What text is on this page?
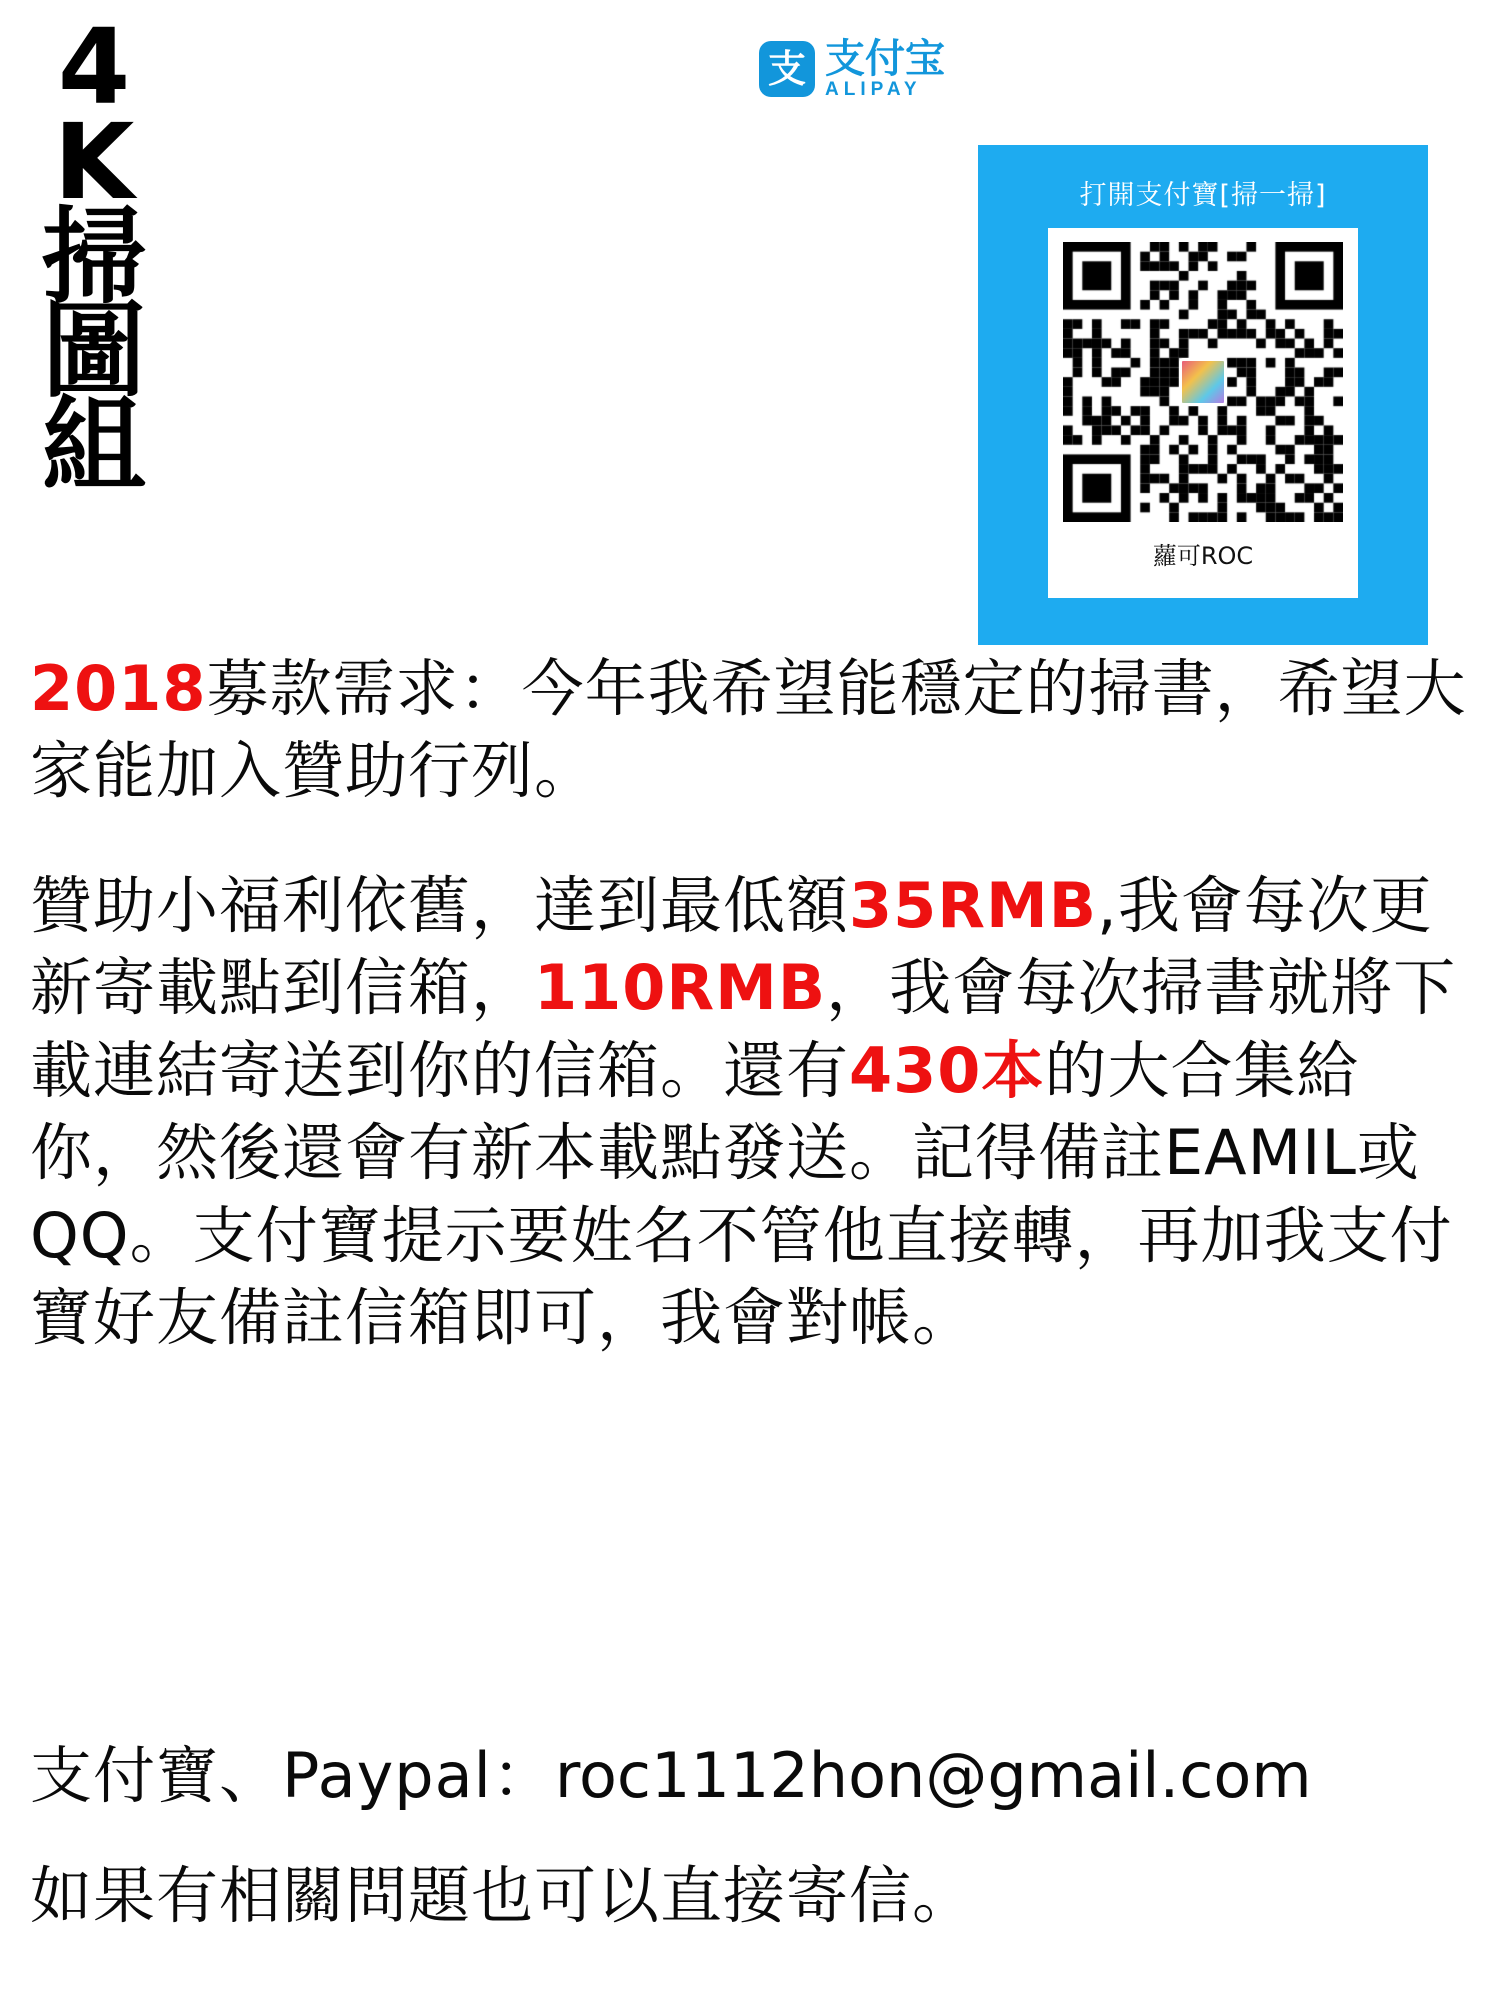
4
K
掃
圖
組
支 支付宝
ALIPAY
打開支付寶[掃一掃]
蘿可ROC

2018募款需求：今年我希望能穩定的掃書，希望大家能加入贊助行列。

贊助小福利依舊，達到最低額35RMB,我會每次更新寄載點到信箱，110RMB，我會每次掃書就將下載連結寄送到你的信箱。還有430本的大合集給你，然後還會有新本載點發送。記得備註EAMIL或QQ。支付寶提示要姓名不管他直接轉，再加我支付寶好友備註信箱即可，我會對帳。

支付寶、Paypal：roc1112hon@gmail.com

如果有相關問題也可以直接寄信。
